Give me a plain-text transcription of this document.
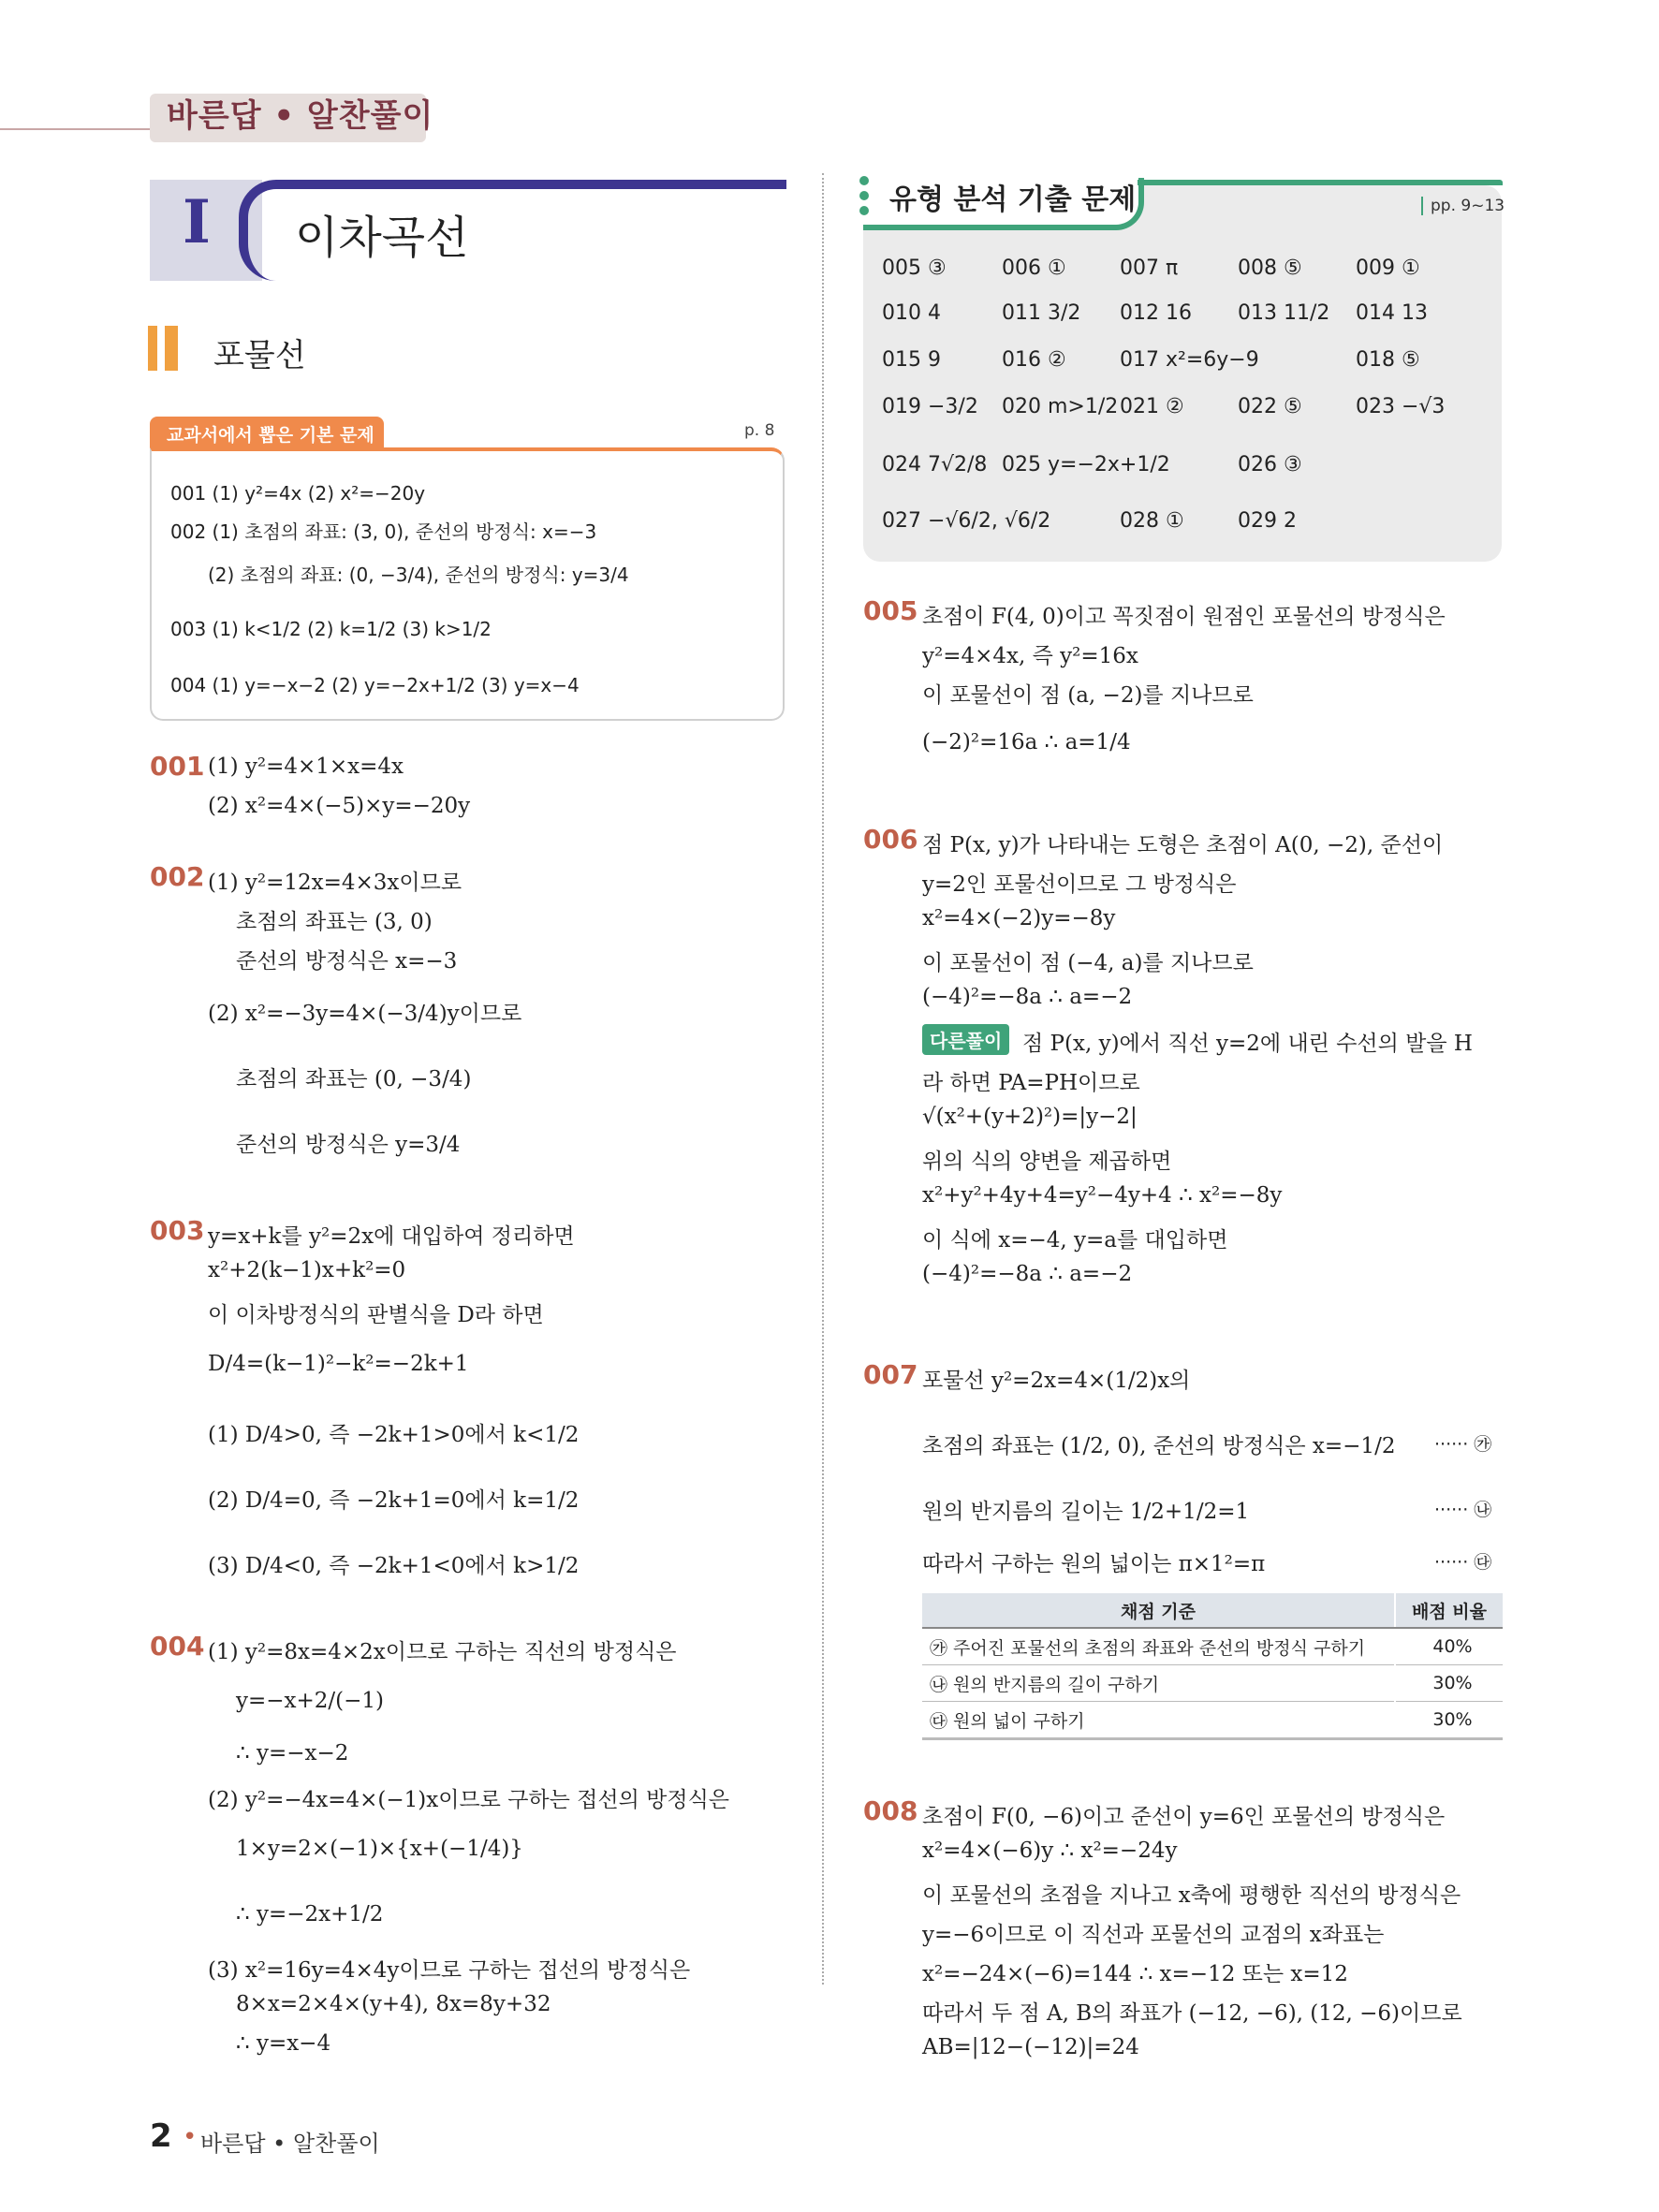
바른답 • 알찬풀이
I 이차곡선
포물선
교과서에서 뽑은 기본 문제	p. 8
001 (1) y²=4x (2) x²=−20y
002 (1) 초점의 좌표: (3, 0), 준선의 방정식: x=−3
(2) 초점의 좌표: (0, −3/4), 준선의 방정식: y=3/4
003 (1) k<1/2 (2) k=1/2 (3) k>1/2
004 (1) y=−x−2 (2) y=−2x+1/2 (3) y=x−4
001 (1) y²=4×1×x=4x
(2) x²=4×(−5)×y=−20y
002 (1) y²=12x=4×3x이므로
초점의 좌표는 (3, 0)
준선의 방정식은 x=−3
(2) x²=−3y=4×(−3/4)y이므로
초점의 좌표는 (0, −3/4)
준선의 방정식은 y=3/4
003 y=x+k를 y²=2x에 대입하여 정리하면
x²+2(k−1)x+k²=0
이 이차방정식의 판별식을 D라 하면
D/4=(k−1)²−k²=−2k+1
(1) D/4>0, 즉 −2k+1>0에서 k<1/2
(2) D/4=0, 즉 −2k+1=0에서 k=1/2
(3) D/4<0, 즉 −2k+1<0에서 k>1/2
004 (1) y²=8x=4×2x이므로 구하는 직선의 방정식은
y=−x+2/(−1)
∴ y=−x−2
(2) y²=−4x=4×(−1)x이므로 구하는 접선의 방정식은
1×y=2×(−1)×{x+(−1/4)}
∴ y=−2x+1/2
(3) x²=16y=4×4y이므로 구하는 접선의 방정식은
8×x=2×4×(y+4), 8x=8y+32
∴ y=x−4
유형 분석 기출 문제	pp. 9~13
005 ③	006 ①	007 π	008 ⑤	009 ①
010 4	011 3/2 012 16 013 11/2 014 13
015 9	016 ②	017 x²=6y−9	018 ⑤
019 −3/2 020 m>1/2 021 ②	022 ⑤	023 −√3
024 7√2/8 025 y=−2x+1/2	026 ③
027 −√6/2, √6/2	028 ①	029 2
005 초점이 F(4, 0)이고 꼭짓점이 원점인 포물선의 방정식은
y²=4×4x, 즉 y²=16x
이 포물선이 점 (a, −2)를 지나므로
(−2)²=16a ∴ a=1/4
006 점 P(x, y)가 나타내는 도형은 초점이 A(0, −2), 준선이
y=2인 포물선이므로 그 방정식은
x²=4×(−2)y=−8y
이 포물선이 점 (−4, a)를 지나므로
(−4)²=−8a ∴ a=−2
다른풀이 점 P(x, y)에서 직선 y=2에 내린 수선의 발을 H
라 하면 PA=PH이므로
√(x²+(y+2)²)=|y−2|
위의 식의 양변을 제곱하면
x²+y²+4y+4=y²−4y+4 ∴ x²=−8y
이 식에 x=−4, y=a를 대입하면
(−4)²=−8a ∴ a=−2
007 포물선 y²=2x=4×(1/2)x의
초점의 좌표는 (1/2, 0), 준선의 방정식은 x=−1/2
원의 반지름의 길이는 1/2+1/2=1
따라서 구하는 원의 넓이는 π×1²=π
······ ㉮
······ ㉯
······ ㉰
채점 기준	배점 비율
㉮ 주어진 포물선의 초점의 좌표와 준선의 방정식 구하기	40%
㉯ 원의 반지름의 길이 구하기	30%
㉰ 원의 넓이 구하기	30%
008 초점이 F(0, −6)이고 준선이 y=6인 포물선의 방정식은
x²=4×(−6)y ∴ x²=−24y
이 포물선의 초점을 지나고 x축에 평행한 직선의 방정식은
y=−6이므로 이 직선과 포물선의 교점의 x좌표는
x²=−24×(−6)=144 ∴ x=−12 또는 x=12
따라서 두 점 A, B의 좌표가 (−12, −6), (12, −6)이므로
AB=|12−(−12)|=24
2 • 바른답 • 알찬풀이
